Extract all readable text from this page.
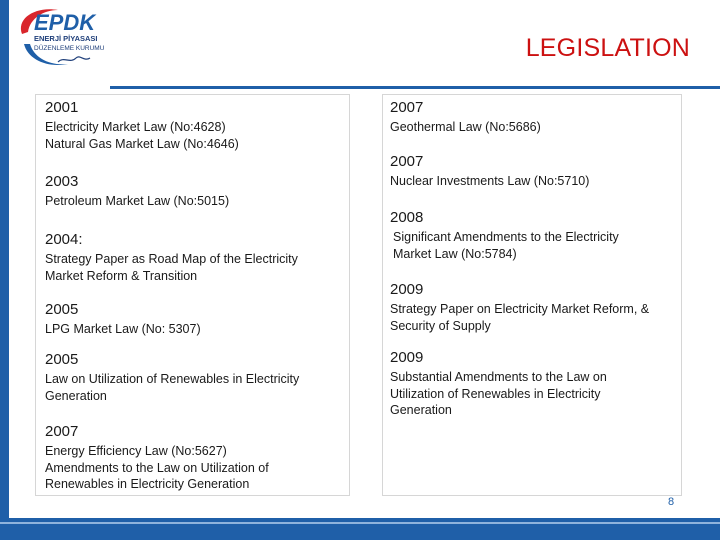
EPDK
ENERJİ PİYASASI
DÜZENLEME KURUMU	LEGISLATION
2001
Electricity Market Law (No:4628)
Natural Gas Market Law (No:4646)
2003
Petroleum Market Law (No:5015)
2004:
Strategy Paper as Road Map of the Electricity Market Reform & Transition
2005
LPG Market Law (No: 5307)
2005
Law on Utilization of Renewables in Electricity Generation
2007
Energy Efficiency Law (No:5627)
Amendments to the Law on Utilization of Renewables in Electricity Generation
2007
Geothermal Law (No:5686)
2007
Nuclear Investments Law (No:5710)
2008
Significant Amendments to the Electricity Market Law (No:5784)
2009
Strategy Paper on Electricity Market Reform, & Security of Supply
2009
Substantial Amendments to the Law on Utilization of Renewables in Electricity Generation
8
